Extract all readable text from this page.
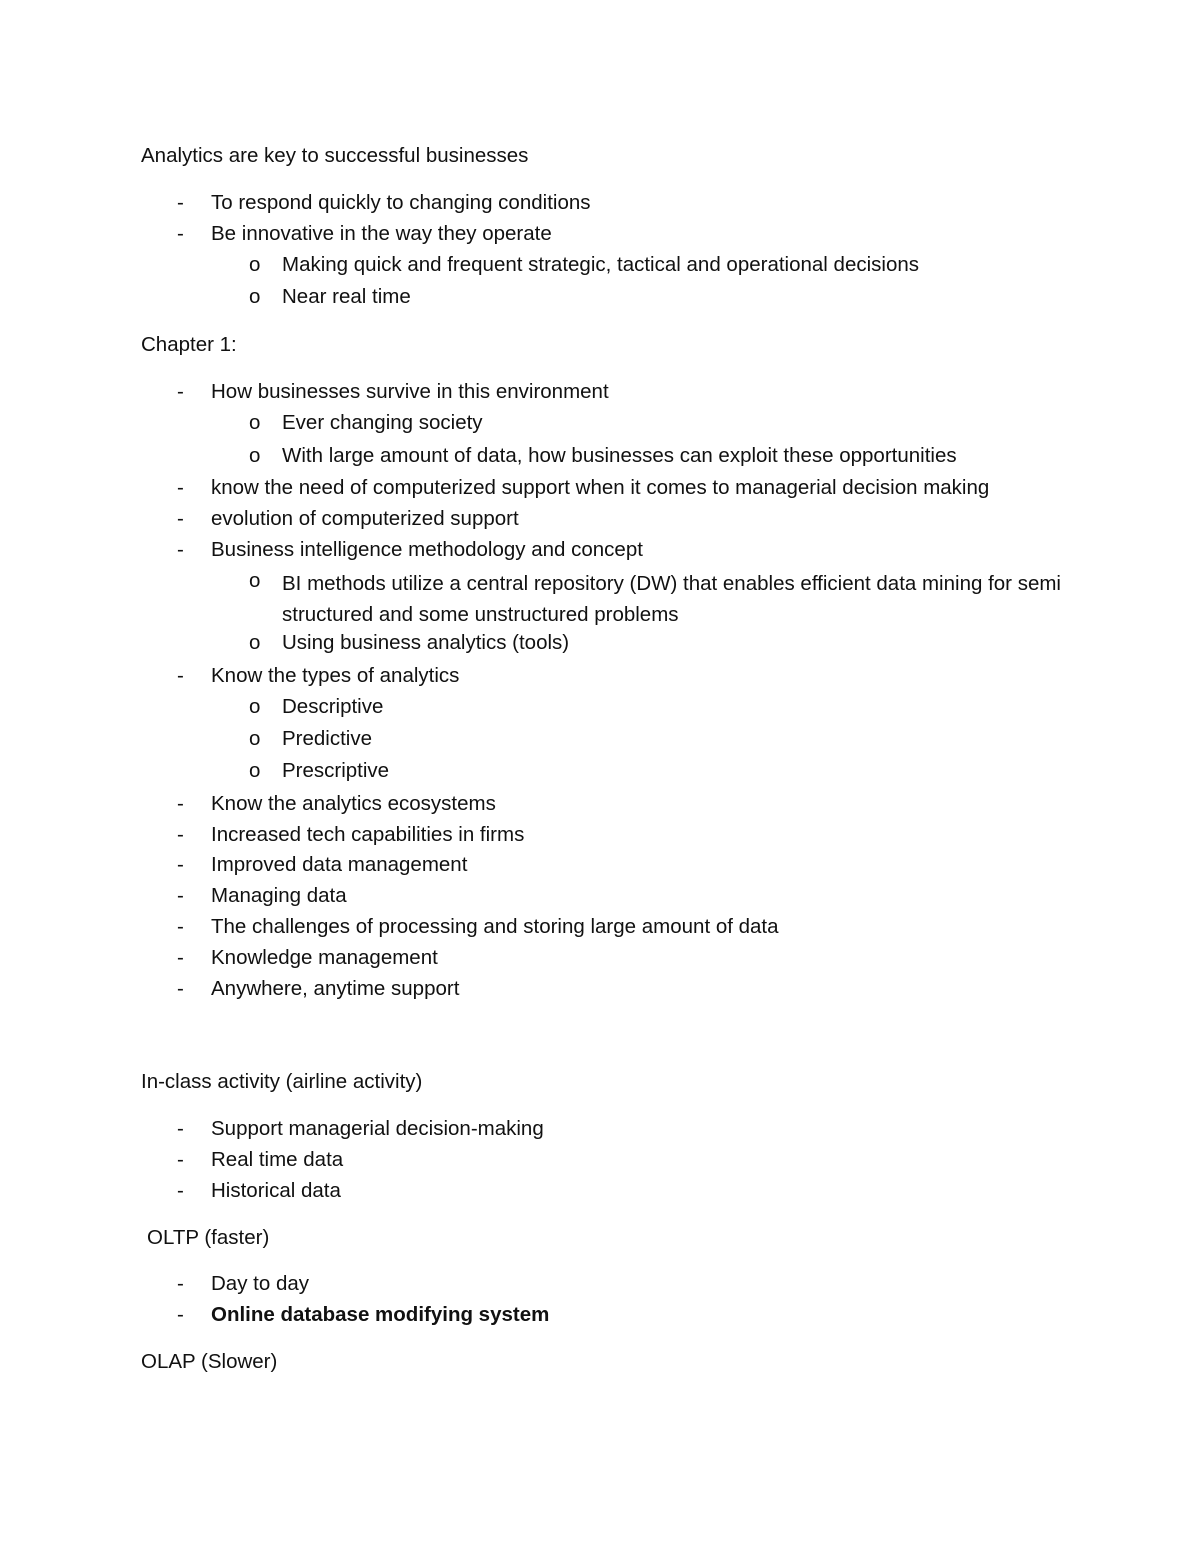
Analytics are key to successful businesses
- To respond quickly to changing conditions
- Be innovative in the way they operate
o Making quick and frequent strategic, tactical and operational decisions
o Near real time
Chapter 1:
- How businesses survive in this environment
o Ever changing society
o With large amount of data, how businesses can exploit these opportunities
- know the need of computerized support when it comes to managerial decision making
- evolution of computerized support
- Business intelligence methodology and concept
o BI methods utilize a central repository (DW) that enables efficient data mining for semi structured and some unstructured problems
o Using business analytics (tools)
- Know the types of analytics
o Descriptive
o Predictive
o Prescriptive
- Know the analytics ecosystems
- Increased tech capabilities in firms
- Improved data management
- Managing data
- The challenges of processing and storing large amount of data
- Knowledge management
- Anywhere, anytime support
In-class activity (airline activity)
- Support managerial decision-making
- Real time data
- Historical data
OLTP (faster)
- Day to day
- Online database modifying system
OLAP (Slower)
